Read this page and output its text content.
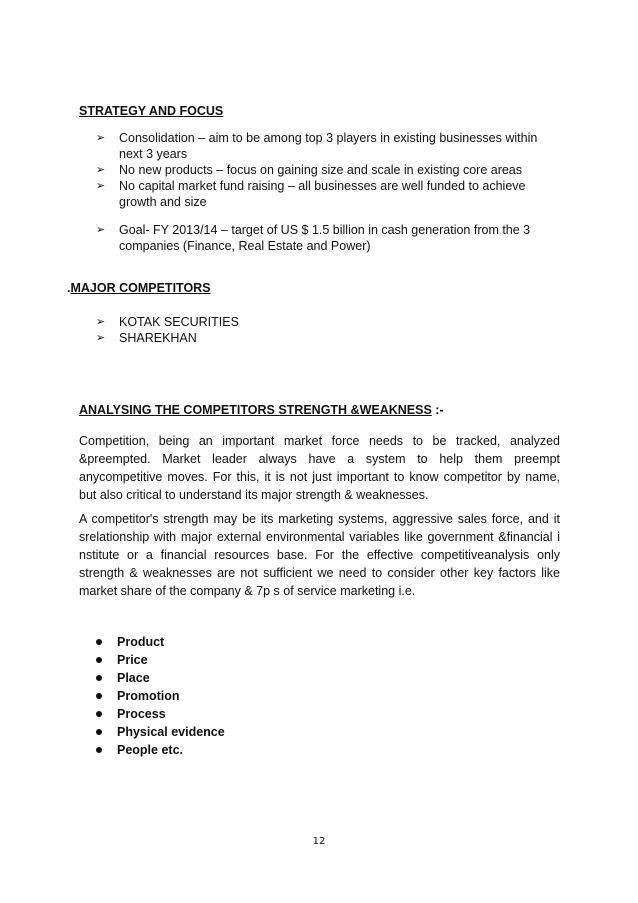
STRATEGY AND FOCUS
➢ Consolidation – aim to be among top 3 players in existing businesses within next 3 years
➢ No new products – focus on gaining size and scale in existing core areas
➢ No capital market fund raising – all businesses are well funded to achieve growth and size
➢ Goal- FY 2013/14 – target of US $ 1.5 billion in cash generation from the 3 companies (Finance, Real Estate and Power)
.MAJOR COMPETITORS
➢ KOTAK SECURITIES
➢ SHAREKHAN
ANALYSING THE COMPETITORS STRENGTH &WEAKNESS :-

Competition, being an important market force needs to be tracked, analyzed &preempted. Market leader always have a system to help them preempt anycompetitive moves. For this, it is not just important to know competitor by name, but also critical to understand its major strength & weaknesses.

A competitor's strength may be its marketing systems, aggressive sales force, and it srelationship with major external environmental variables like government &financial i nstitute or a financial resources base. For the effective competitiveanalysis only strength & weaknesses are not sufficient we need to consider other key factors like market share of the company & 7p s of service marketing i.e.

Product
Price
Place
Promotion
Process
Physical evidence
People etc.
12
